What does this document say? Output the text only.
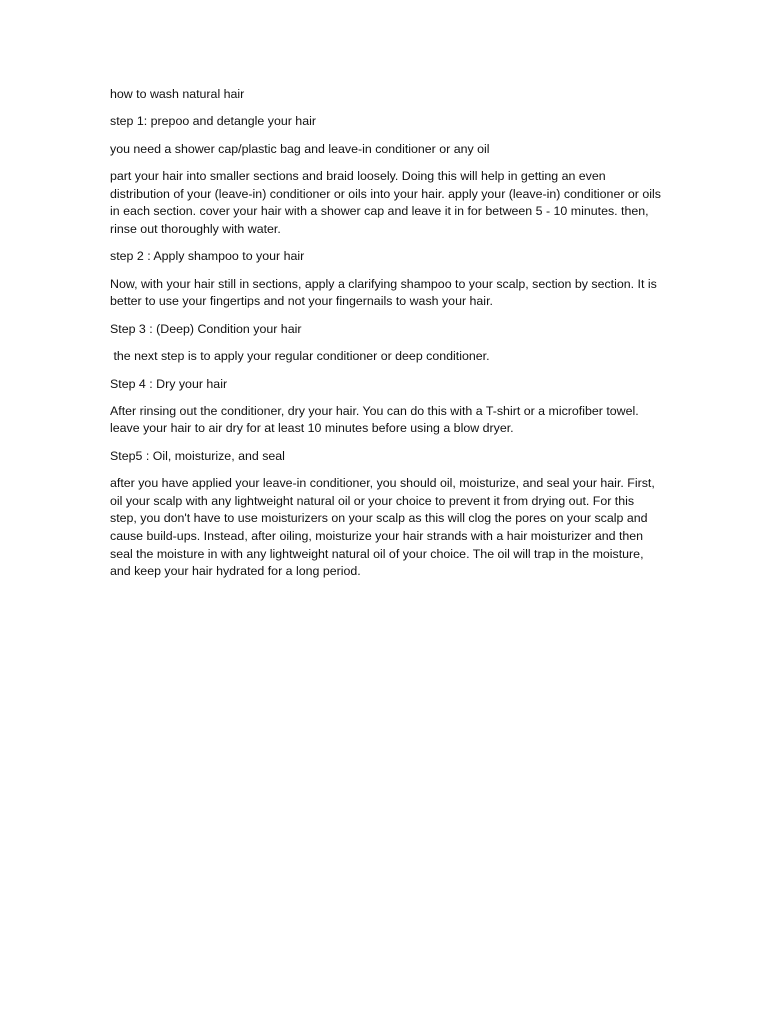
how to wash natural hair

step 1: prepoo and detangle your hair

you need a shower cap/plastic bag and leave-in conditioner or any oil

part your hair into smaller sections and braid loosely. Doing this will help in getting an even distribution of your (leave-in) conditioner or oils into your hair. apply your (leave-in) conditioner or oils in each section. cover your hair with a shower cap and leave it in for between 5 - 10 minutes. then, rinse out thoroughly with water.

step 2 : Apply shampoo to your hair

Now, with your hair still in sections, apply a clarifying shampoo to your scalp, section by section. It is better to use your fingertips and not your fingernails to wash your hair.

Step 3 : (Deep) Condition your hair

the next step is to apply your regular conditioner or deep conditioner.

Step 4 : Dry your hair

After rinsing out the conditioner, dry your hair. You can do this with a T-shirt or a microfiber towel. leave your hair to air dry for at least 10 minutes before using a blow dryer.

Step5 : Oil, moisturize, and seal

after you have applied your leave-in conditioner, you should oil, moisturize, and seal your hair. First, oil your scalp with any lightweight natural oil or your choice to prevent it from drying out. For this step, you don't have to use moisturizers on your scalp as this will clog the pores on your scalp and cause build-ups. Instead, after oiling, moisturize your hair strands with a hair moisturizer and then seal the moisture in with any lightweight natural oil of your choice. The oil will trap in the moisture, and keep your hair hydrated for a long period.
